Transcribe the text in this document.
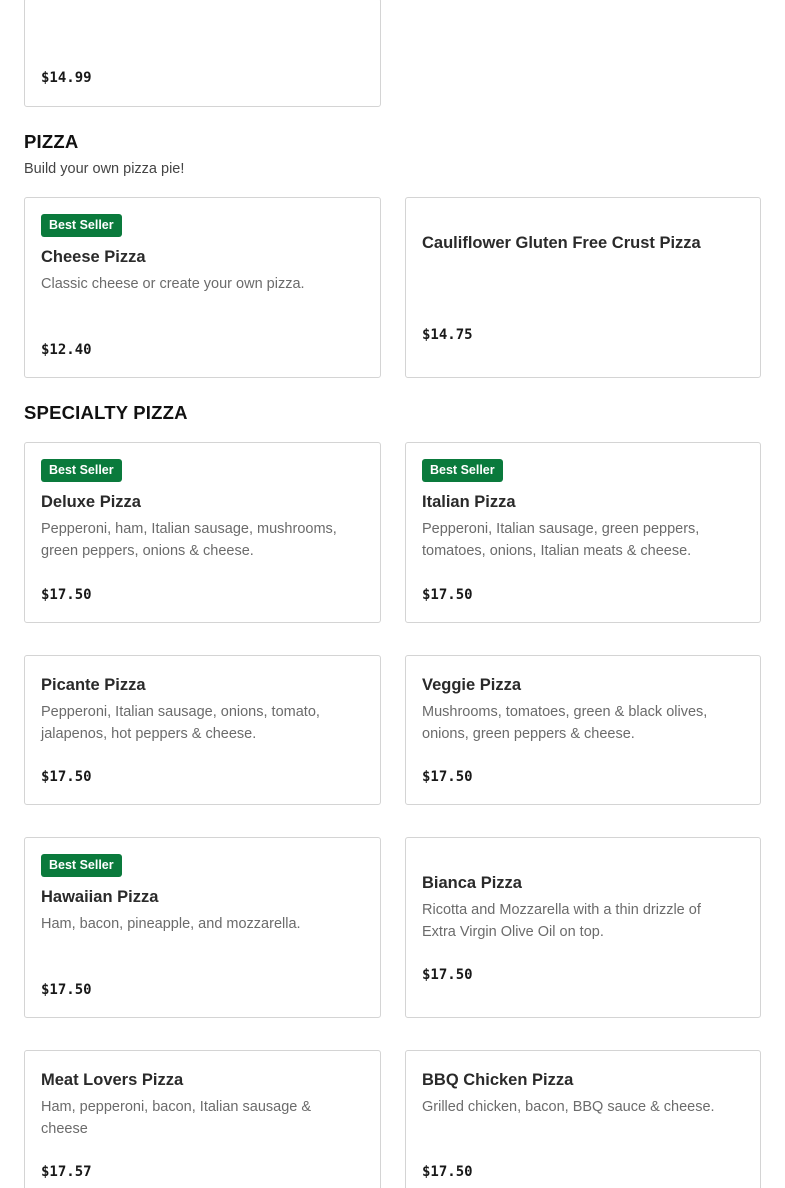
$14.99
PIZZA
Build your own pizza pie!
Best Seller
Cheese Pizza
Classic cheese or create your own pizza.
$12.40
Cauliflower Gluten Free Crust Pizza
$14.75
SPECIALTY PIZZA
Best Seller
Deluxe Pizza
Pepperoni, ham, Italian sausage, mushrooms, green peppers, onions & cheese.
$17.50
Best Seller
Italian Pizza
Pepperoni, Italian sausage, green peppers, tomatoes, onions, Italian meats & cheese.
$17.50
Picante Pizza
Pepperoni, Italian sausage, onions, tomato, jalapenos, hot peppers & cheese.
$17.50
Veggie Pizza
Mushrooms, tomatoes, green & black olives, onions, green peppers & cheese.
$17.50
Best Seller
Hawaiian Pizza
Ham, bacon, pineapple, and mozzarella.
$17.50
Bianca Pizza
Ricotta and Mozzarella with a thin drizzle of Extra Virgin Olive Oil on top.
$17.50
Meat Lovers Pizza
Ham, pepperoni, bacon, Italian sausage & cheese
$17.57
BBQ Chicken Pizza
Grilled chicken, bacon, BBQ sauce & cheese.
$17.50
